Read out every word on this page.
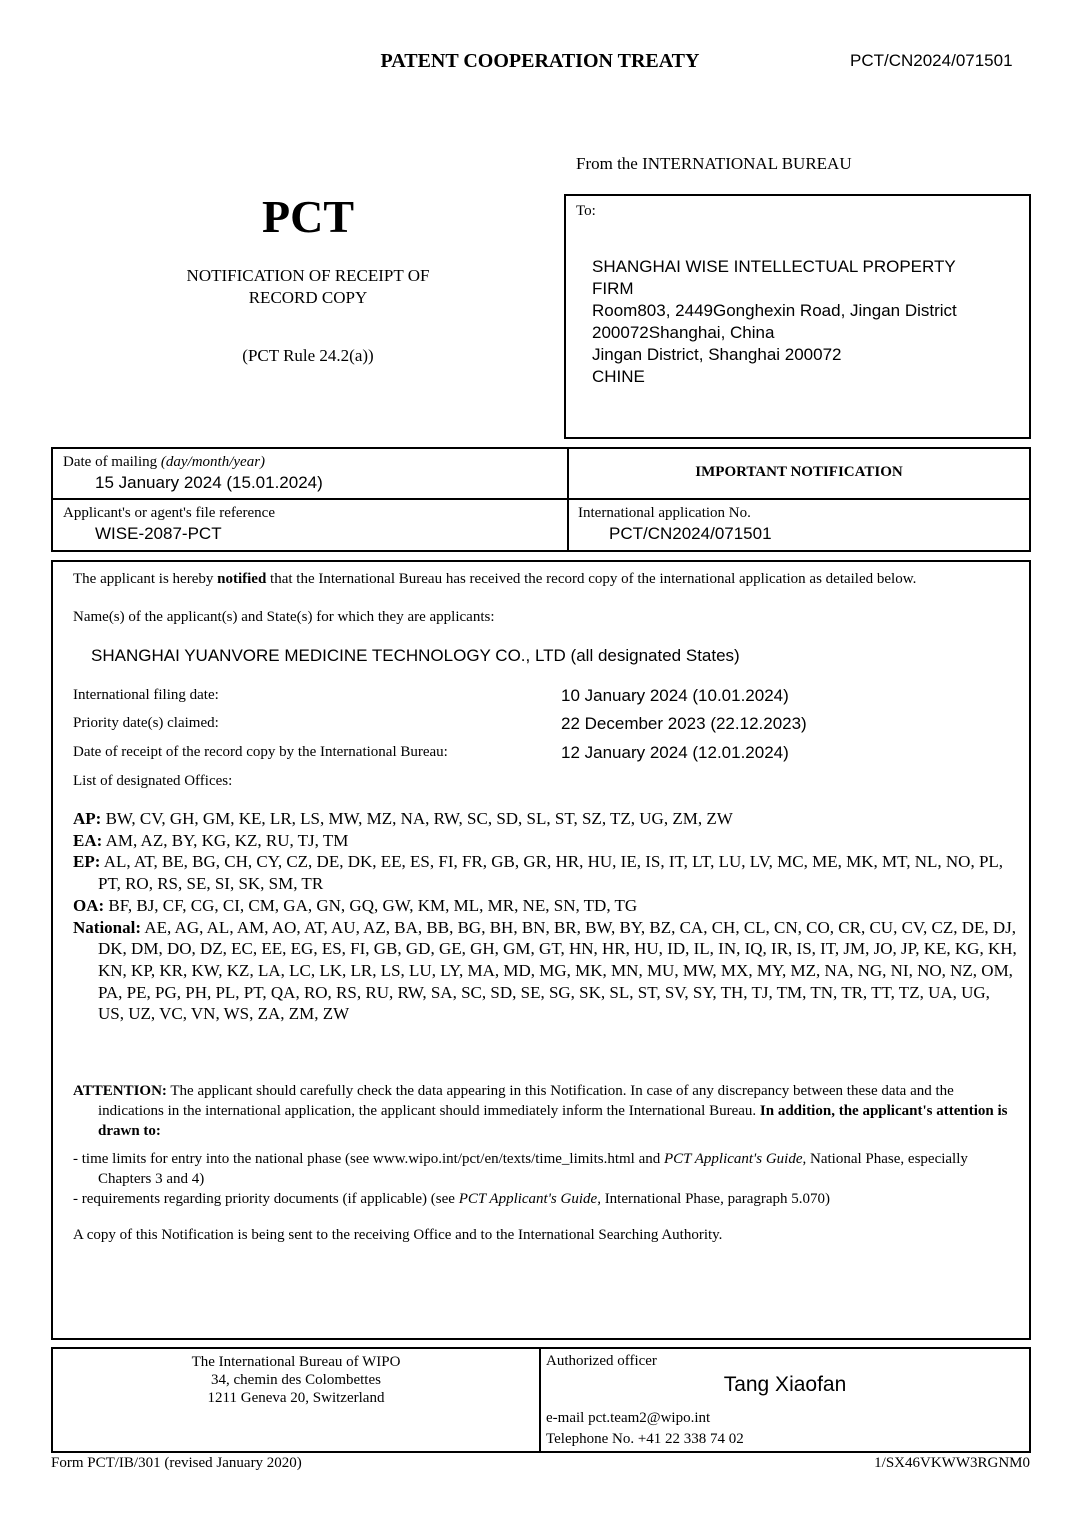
PATENT COOPERATION TREATY	PCT/CN2024/071501
PCT
NOTIFICATION OF RECEIPT OF
RECORD COPY
(PCT Rule 24.2(a))
From the INTERNATIONAL BUREAU
To:
SHANGHAI WISE INTELLECTUAL PROPERTY
FIRM
Room803, 2449Gonghexin Road, Jingan District
200072Shanghai, China
Jingan District, Shanghai 200072
CHINE
Date of mailing (day/month/year)
15 January 2024 (15.01.2024)
IMPORTANT NOTIFICATION
Applicant's or agent's file reference
WISE-2087-PCT
International application No.
PCT/CN2024/071501
The applicant is hereby notified that the International Bureau has received the record copy of the international application as detailed below.
Name(s) of the applicant(s) and State(s) for which they are applicants:
SHANGHAI YUANVORE MEDICINE TECHNOLOGY CO., LTD (all designated States)
International filing date:	10 January 2024 (10.01.2024)
Priority date(s) claimed:	22 December 2023 (22.12.2023)
Date of receipt of the record copy by the International Bureau:	12 January 2024 (12.01.2024)
List of designated Offices:
AP: BW, CV, GH, GM, KE, LR, LS, MW, MZ, NA, RW, SC, SD, SL, ST, SZ, TZ, UG, ZM, ZW
EA: AM, AZ, BY, KG, KZ, RU, TJ, TM
EP: AL, AT, BE, BG, CH, CY, CZ, DE, DK, EE, ES, FI, FR, GB, GR, HR, HU, IE, IS, IT, LT, LU, LV, MC, ME, MK, MT, NL, NO, PL, PT, RO, RS, SE, SI, SK, SM, TR
OA: BF, BJ, CF, CG, CI, CM, GA, GN, GQ, GW, KM, ML, MR, NE, SN, TD, TG
National: AE, AG, AL, AM, AO, AT, AU, AZ, BA, BB, BG, BH, BN, BR, BW, BY, BZ, CA, CH, CL, CN, CO, CR, CU, CV, CZ, DE, DJ, DK, DM, DO, DZ, EC, EE, EG, ES, FI, GB, GD, GE, GH, GM, GT, HN, HR, HU, ID, IL, IN, IQ, IR, IS, IT, JM, JO, JP, KE, KG, KH, KN, KP, KR, KW, KZ, LA, LC, LK, LR, LS, LU, LY, MA, MD, MG, MK, MN, MU, MW, MX, MY, MZ, NA, NG, NI, NO, NZ, OM, PA, PE, PG, PH, PL, PT, QA, RO, RS, RU, RW, SA, SC, SD, SE, SG, SK, SL, ST, SV, SY, TH, TJ, TM, TN, TR, TT, TZ, UA, UG, US, UZ, VC, VN, WS, ZA, ZM, ZW
ATTENTION: The applicant should carefully check the data appearing in this Notification. In case of any discrepancy between these data and the indications in the international application, the applicant should immediately inform the International Bureau. In addition, the applicant's attention is drawn to:
- time limits for entry into the national phase (see www.wipo.int/pct/en/texts/time_limits.html and PCT Applicant's Guide, National Phase, especially Chapters 3 and 4)
- requirements regarding priority documents (if applicable) (see PCT Applicant's Guide, International Phase, paragraph 5.070)
A copy of this Notification is being sent to the receiving Office and to the International Searching Authority.
The International Bureau of WIPO
34, chemin des Colombettes
1211 Geneva 20, Switzerland
Authorized officer
Tang Xiaofan
e-mail pct.team2@wipo.int
Telephone No. +41 22 338 74 02
Form PCT/IB/301 (revised January 2020)	1/SX46VKWW3RGNM0
